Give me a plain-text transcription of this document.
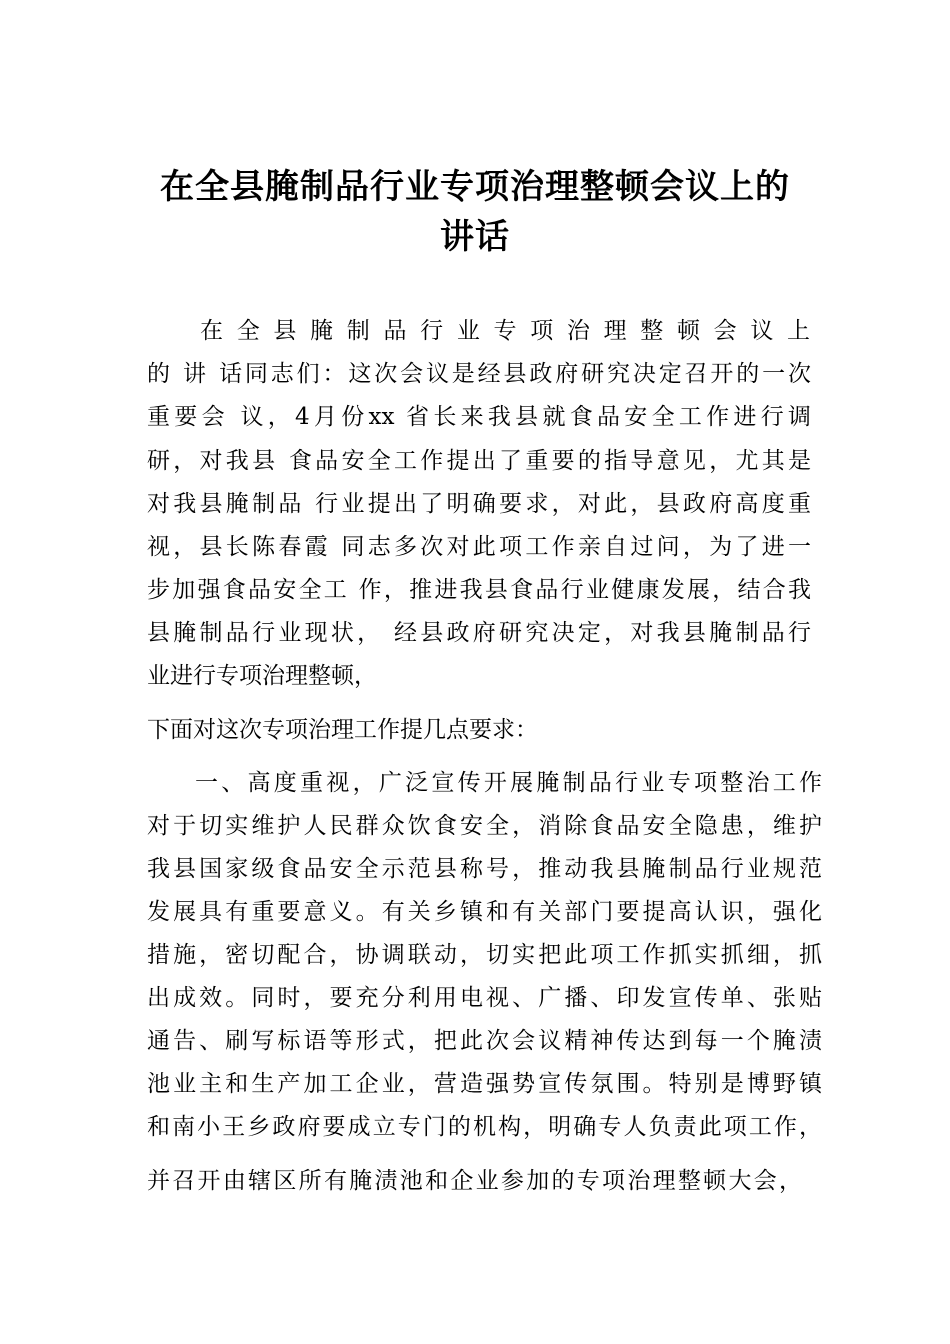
在全县腌制品行业专项治理整顿会议上的
讲话
在全县腌制品行业专项治理整顿会议上
的 讲 话同志们：这次会议是经县政府研究决定召开的一次
重要会 议，4月份xx 省长来我县就食品安全工作进行调
研，对我县 食品安全工作提出了重要的指导意见，尤其是
对我县腌制品 行业提出了明确要求，对此，县政府高度重
视，县长陈春霞 同志多次对此项工作亲自过问，为了进一
步加强食品安全工 作，推进我县食品行业健康发展，结合我
县腌制品行业现状， 经县政府研究决定，对我县腌制品行
业进行专项治理整顿，
下面对这次专项治理工作提几点要求：
一、高度重视，广泛宣传开展腌制品行业专项整治工作
对于切实维护人民群众饮食安全，消除食品安全隐患，维护
我县国家级食品安全示范县称号，推动我县腌制品行业规范
发展具有重要意义。有关乡镇和有关部门要提高认识，强化
措施，密切配合，协调联动，切实把此项工作抓实抓细，抓
出成效。同时，要充分利用电视、广播、印发宣传单、张贴
通告、刷写标语等形式，把此次会议精神传达到每一个腌渍
池业主和生产加工企业，营造强势宣传氛围。特别是博野镇
和南小王乡政府要成立专门的机构，明确专人负责此项工作，
并召开由辖区所有腌渍池和企业参加的专项治理整顿大会，
